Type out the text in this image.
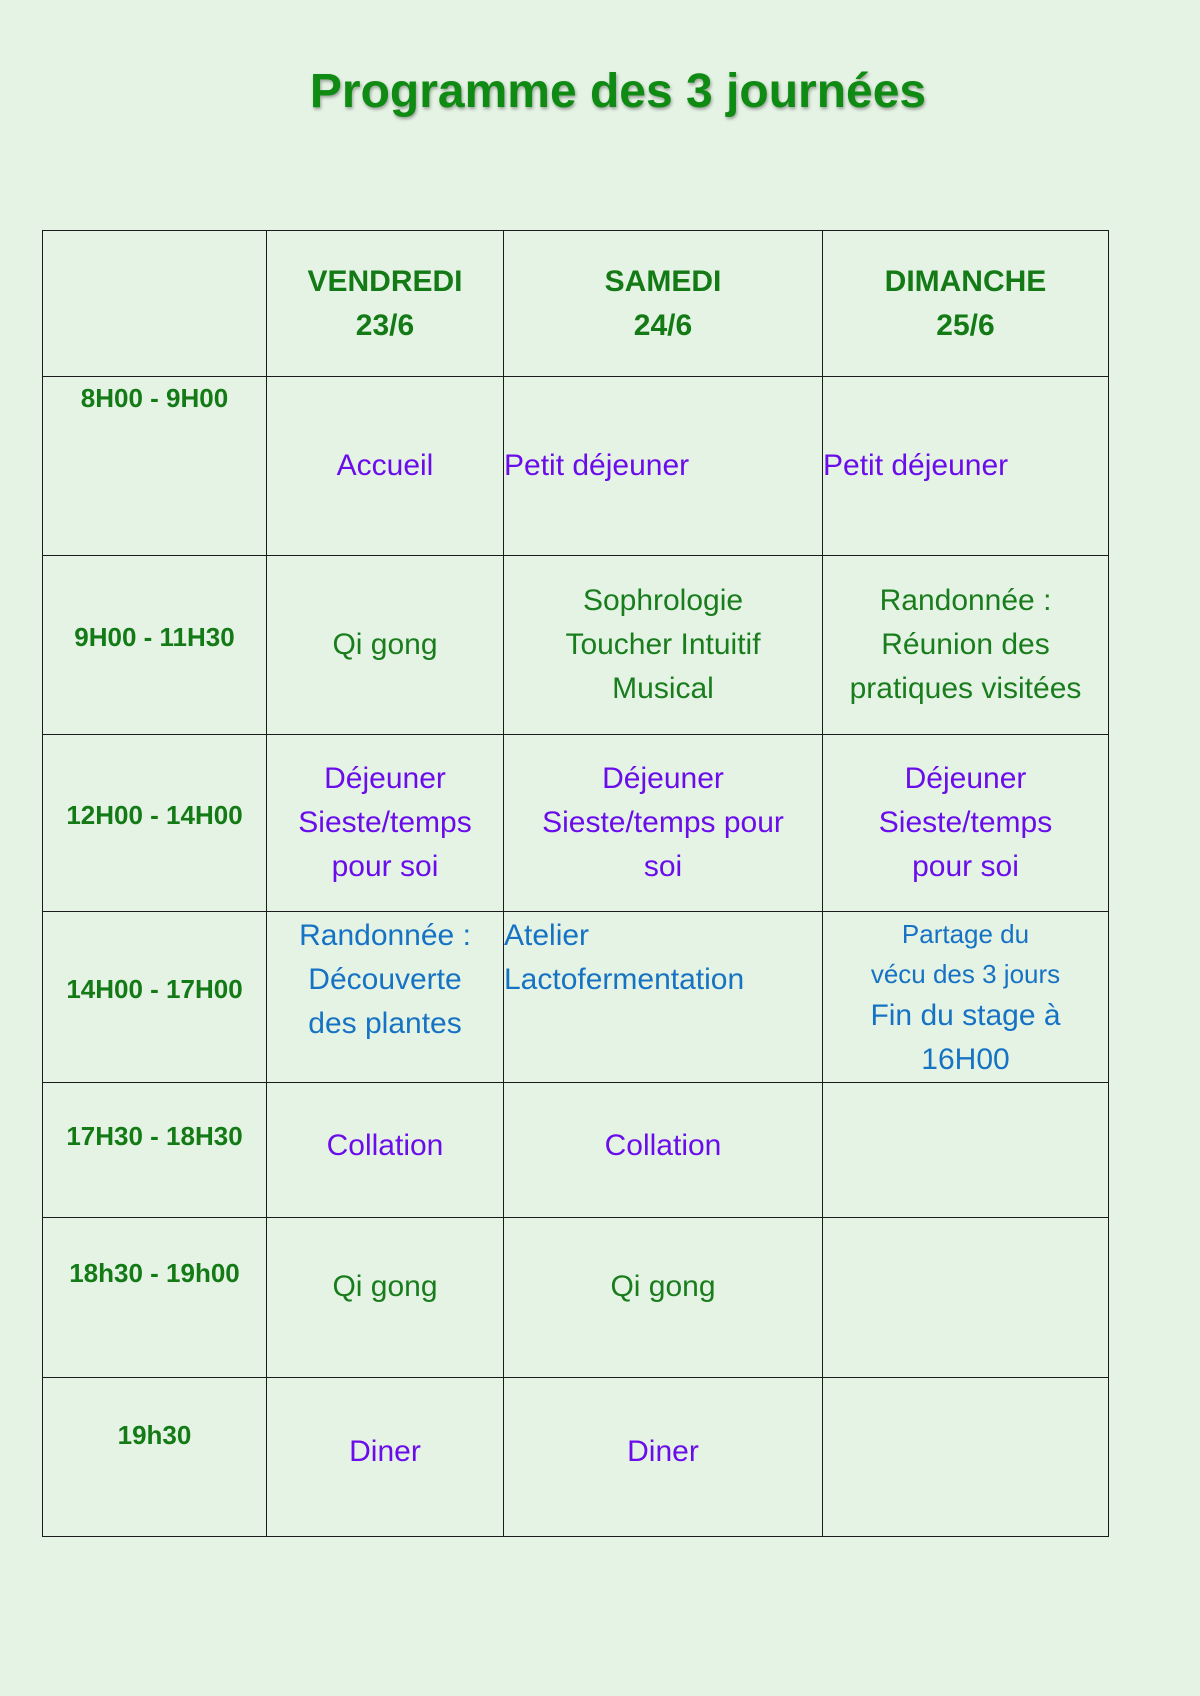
Programme des 3 journées

	VENDREDI
23/6	SAMEDI
24/6	DIMANCHE
25/6

8H00 - 9H00	Accueil	Petit déjeuner	Petit déjeuner

9H00 - 11H30	Qi gong	Sophrologie
Toucher Intuitif
Musical	Randonnée :
Réunion des
pratiques visitées

12H00 - 14H00	Déjeuner
Sieste/temps
pour soi	Déjeuner
Sieste/temps pour
soi	Déjeuner
Sieste/temps
pour soi

14H00 - 17H00	Randonnée :
Découverte
des plantes	Atelier
Lactofermentation	Partage du
vécu des 3 jours
Fin du stage à
16H00

17H30 - 18H30	Collation	Collation	

18h30 - 19h00	Qi gong	Qi gong	

19h30	Diner	Diner	
